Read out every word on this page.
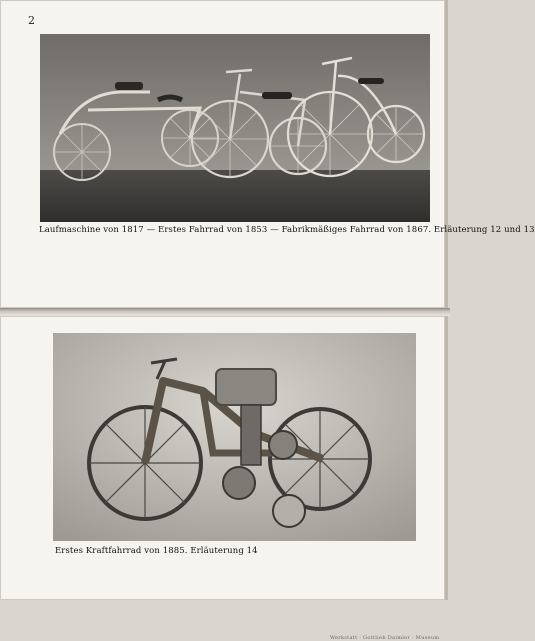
2
Laufmaschine von 1817 — Erstes Fahrrad von 1853 — Fabrikmäßiges Fahrrad von 1867. Erläuterung 12 und 13
Werkstatt · Gottlieb Daimler · Museum
Erstes Kraftfahrrad von 1885. Erläuterung 14
